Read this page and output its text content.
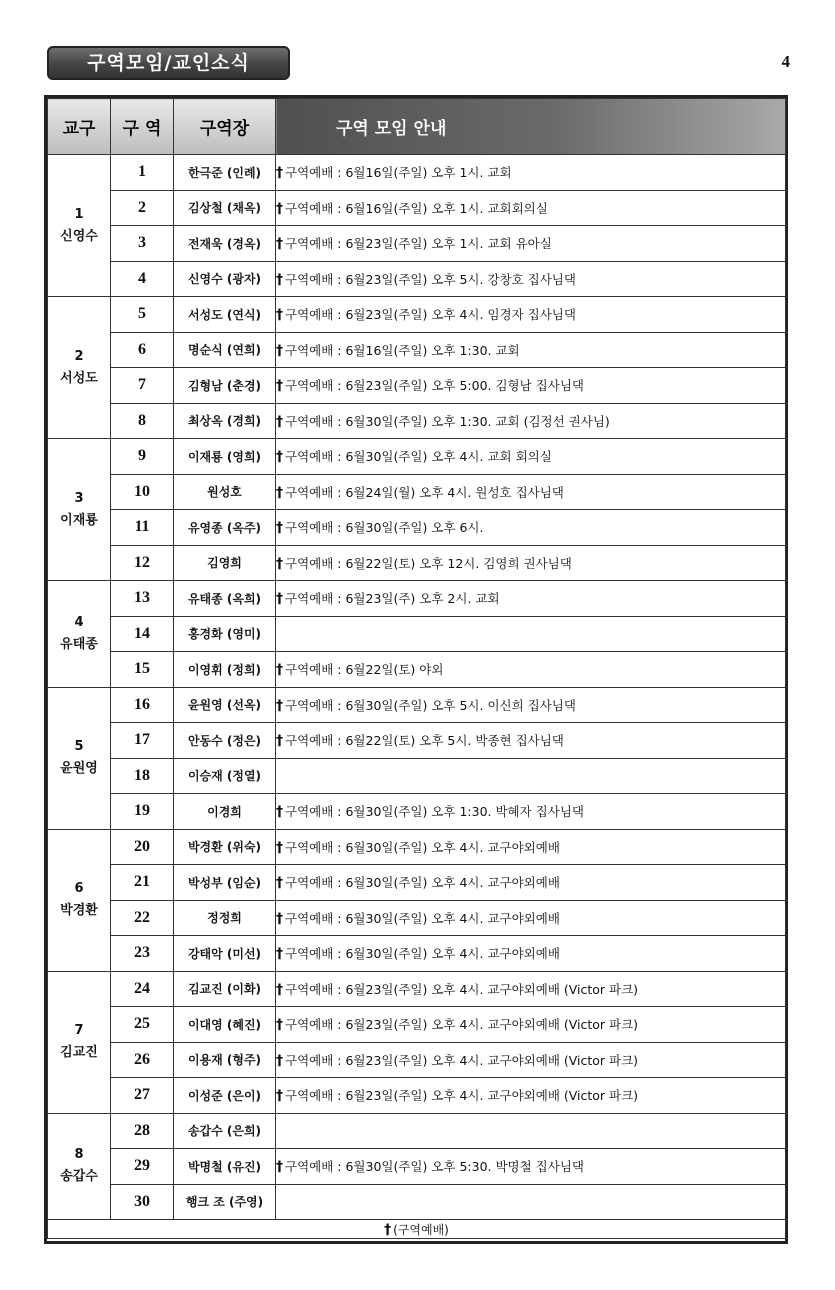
구역모임/교인소식	4
교구	구 역	구역장	구역 모임 안내

1
신영수	1	한극준 (인례)	† 구역예배 : 6월16일(주일) 오후 1시. 교회
	2	김상철 (채옥)	† 구역예배 : 6월16일(주일) 오후 1시. 교회회의실
	3	전재욱 (경옥)	† 구역예배 : 6월23일(주일) 오후 1시. 교회 유아실
	4	신영수 (광자)	† 구역예배 : 6월23일(주일) 오후 5시. 강창호 집사님댁

2
서성도	5	서성도 (연식)	† 구역예배 : 6월23일(주일) 오후 4시. 임경자 집사님댁
	6	명순식 (연희)	† 구역예배 : 6월16일(주일) 오후 1:30. 교회
	7	김형남 (춘경)	† 구역예배 : 6월23일(주일) 오후 5:00. 김형남 집사님댁
	8	최상옥 (경희)	† 구역예배 : 6월30일(주일) 오후 1:30. 교회 (김정선 권사님)

3
이재룡	9	이재룡 (영희)	† 구역예배 : 6월30일(주일) 오후 4시. 교회 회의실
	10	원성호	† 구역예배 : 6월24일(월) 오후 4시. 원성호 집사님댁
	11	유영종 (옥주)	† 구역예배 : 6월30일(주일) 오후 6시.
	12	김영희	† 구역예배 : 6월22일(토) 오후 12시. 김영희 권사님댁

4
유태종	13	유태종 (옥희)	† 구역예배 : 6월23일(주) 오후 2시. 교회
	14	홍경화 (영미)	
	15	이영휘 (정희)	† 구역예배 : 6월22일(토) 야외

5
윤원영	16	윤원영 (선옥)	† 구역예배 : 6월30일(주일) 오후 5시. 이신희 집사님댁
	17	안동수 (정은)	† 구역예배 : 6월22일(토) 오후 5시. 박종현 집사님댁
	18	이승재 (정열)	
	19	이경희	† 구역예배 : 6월30일(주일) 오후 1:30. 박혜자 집사님댁

6
박경환	20	박경환 (위숙)	† 구역예배 : 6월30일(주일) 오후 4시. 교구야외예배
	21	박성부 (임순)	† 구역예배 : 6월30일(주일) 오후 4시. 교구야외예배
	22	정정희	† 구역예배 : 6월30일(주일) 오후 4시. 교구야외예배
	23	강태악 (미선)	† 구역예배 : 6월30일(주일) 오후 4시. 교구야외예배

7
김교진	24	김교진 (이화)	† 구역예배 : 6월23일(주일) 오후 4시. 교구야외예배 (Victor 파크)
	25	이대영 (혜진)	† 구역예배 : 6월23일(주일) 오후 4시. 교구야외예배 (Victor 파크)
	26	이용재 (형주)	† 구역예배 : 6월23일(주일) 오후 4시. 교구야외예배 (Victor 파크)
	27	이성준 (은이)	† 구역예배 : 6월23일(주일) 오후 4시. 교구야외예배 (Victor 파크)

8
송갑수	28	송갑수 (은희)	
	29	박명철 (유진)	† 구역예배 : 6월30일(주일) 오후 5:30. 박명철 집사님댁
	30	행크 조 (주영)	
† (구역예배)			
